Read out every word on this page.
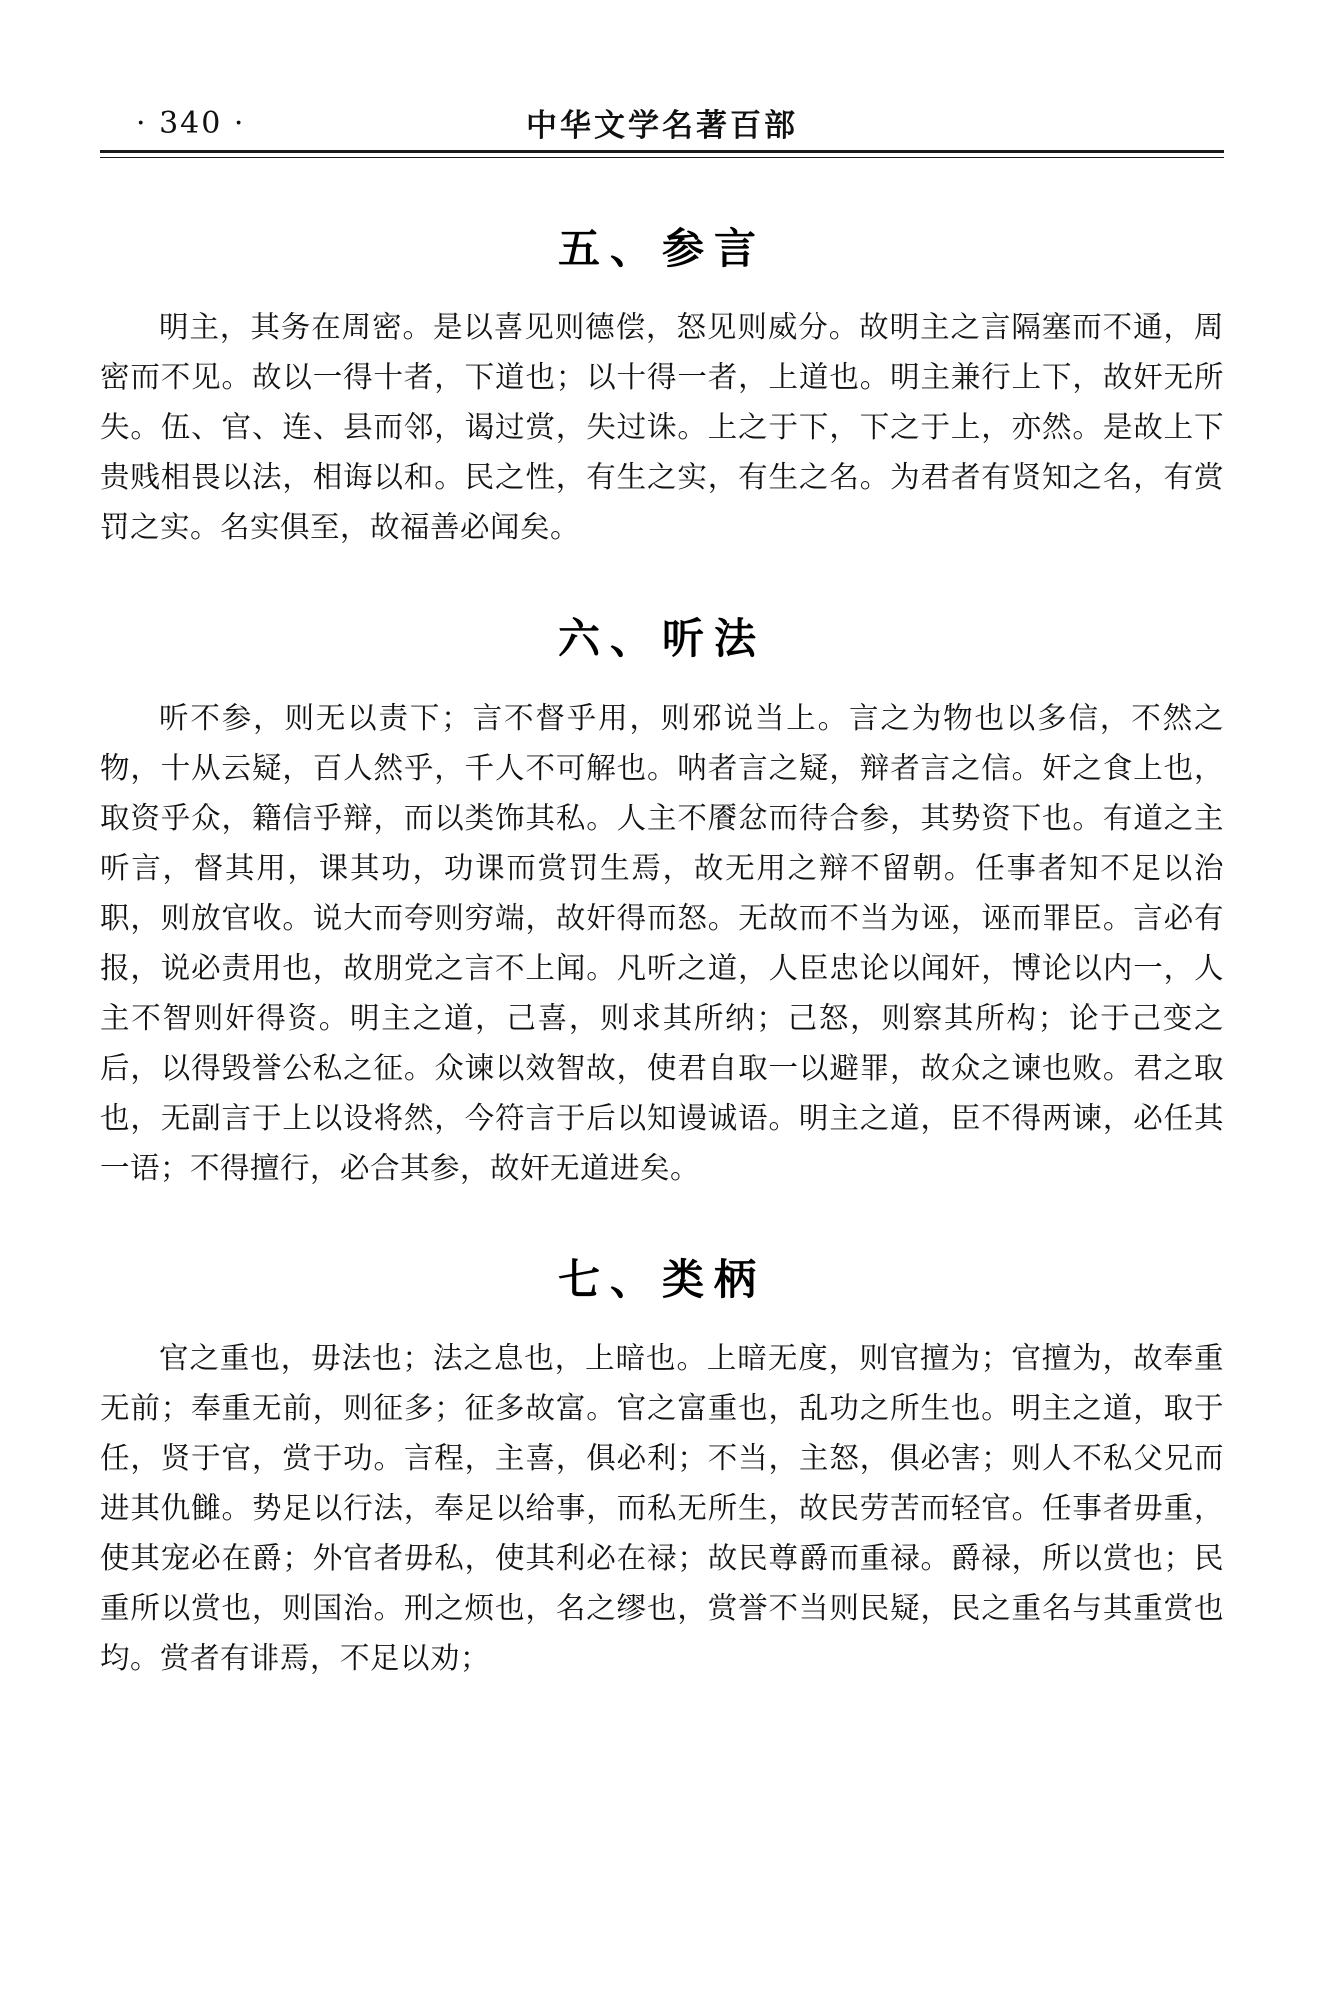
中华文学名著百部
· 340 ·
五、参言

明主，其务在周密。是以喜见则德偿，怒见则威分。故明主之言隔塞而不通，周密而不见。故以一得十者，下道也；以十得一者，上道也。明主兼行上下，故奸无所失。伍、官、连、县而邻，谒过赏，失过诛。上之于下，下之于上，亦然。是故上下贵贱相畏以法，相诲以和。民之性，有生之实，有生之名。为君者有贤知之名，有赏罚之实。名实俱至，故福善必闻矣。

六、听法

听不参，则无以责下；言不督乎用，则邪说当上。言之为物也以多信，不然之物，十从云疑，百人然乎，千人不可解也。呐者言之疑，辩者言之信。奸之食上也，取资乎众，籍信乎辩，而以类饰其私。人主不餍忿而待合参，其势资下也。有道之主听言，督其用，课其功，功课而赏罚生焉，故无用之辩不留朝。任事者知不足以治职，则放官收。说大而夸则穷端，故奸得而怒。无故而不当为诬，诬而罪臣。言必有报，说必责用也，故朋党之言不上闻。凡听之道，人臣忠论以闻奸，博论以内一，人主不智则奸得资。明主之道，己喜，则求其所纳；己怒，则察其所构；论于己变之后，以得毁誉公私之征。众谏以效智故，使君自取一以避罪，故众之谏也败。君之取也，无副言于上以设将然，今符言于后以知谩诚语。明主之道，臣不得两谏，必任其一语；不得擅行，必合其参，故奸无道进矣。

七、类柄

官之重也，毋法也；法之息也，上暗也。上暗无度，则官擅为；官擅为，故奉重无前；奉重无前，则征多；征多故富。官之富重也，乱功之所生也。明主之道，取于任，贤于官，赏于功。言程，主喜，俱必利；不当，主怒，俱必害；则人不私父兄而进其仇雠。势足以行法，奉足以给事，而私无所生，故民劳苦而轻官。任事者毋重，使其宠必在爵；外官者毋私，使其利必在禄；故民尊爵而重禄。爵禄，所以赏也；民重所以赏也，则国治。刑之烦也，名之缪也，赏誉不当则民疑，民之重名与其重赏也均。赏者有诽焉，不足以劝；
